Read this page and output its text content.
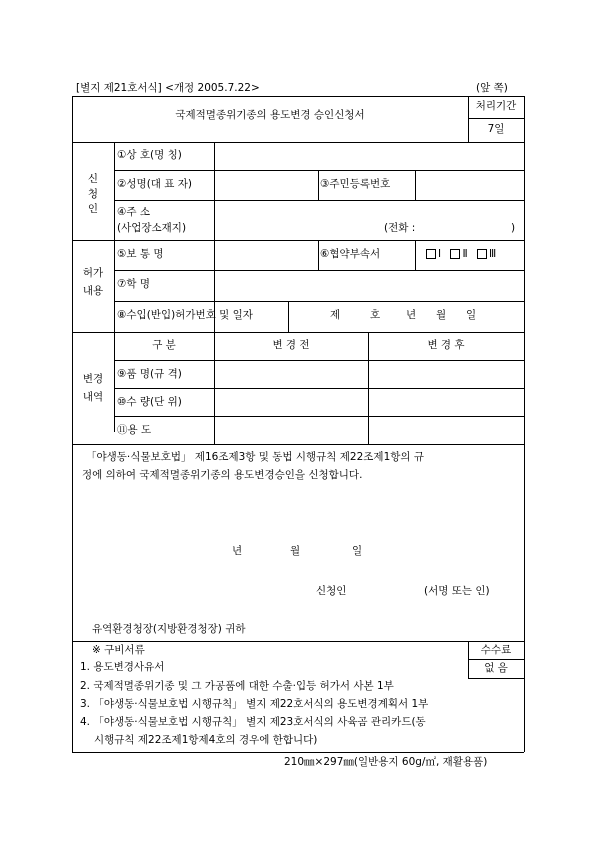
[별지 제21호서식] <개정 2005.7.22>	(앞 쪽)
국제적멸종위기종의 용도변경 승인신청서
처리기간
7일
신
청
인
①상 호(명 칭)
②성명(대 표 자)	③주민등록번호
④주 소
(사업장소재지)	(전화 :	)
허가
내용
⑤보 통 명	⑥협약부속서	Ⅰ Ⅱ Ⅲ
⑦학 명
⑧수입(반입)허가번호 및 일자	제	호 년 월 일
변경
내역
구 분	변 경 전	변 경 후
⑨품 명(규 격)
⑩수 량(단 위)
⑪용 도
「야생동·식물보호법」 제16조제3항 및 동법 시행규칙 제22조제1항의 규
정에 의하여 국제적멸종위기종의 용도변경승인을 신청합니다.
년	월	일
신청인	(서명 또는 인)
유역환경청장(지방환경청장) 귀하
※ 구비서류	수수료
없 음
1. 용도변경사유서
2. 국제적멸종위기종 및 그 가공품에 대한 수출·입등 허가서 사본 1부
3. 「야생동·식물보호법 시행규칙」 별지 제22호서식의 용도변경계획서 1부
4. 「야생동·식물보호법 시행규칙」 별지 제23호서식의 사육곰 관리카드(동
시행규칙 제22조제1항제4호의 경우에 한합니다)
210㎜×297㎜(일반용지 60g/㎡, 재활용품)
